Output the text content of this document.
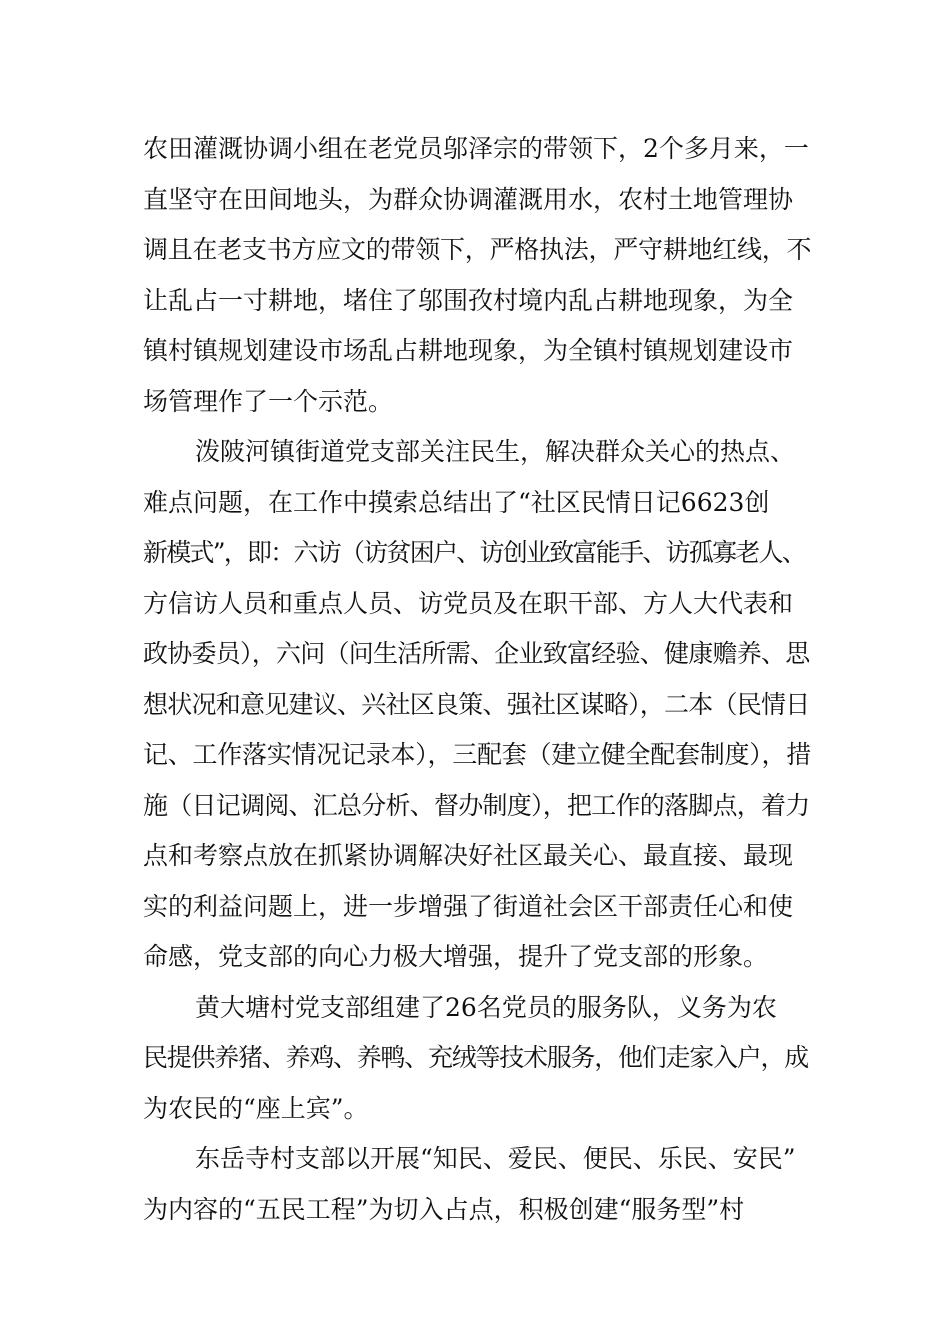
农田灌溉协调小组在老党员邬泽宗的带领下，2个多月来，一
直坚守在田间地头，为群众协调灌溉用水，农村土地管理协
调且在老支书方应文的带领下，严格执法，严守耕地红线，不
让乱占一寸耕地，堵住了邬围孜村境内乱占耕地现象，为全
镇村镇规划建设市场乱占耕地现象，为全镇村镇规划建设市
场管理作了一个示范。
泼陂河镇街道党支部关注民生，解决群众关心的热点、
难点问题，在工作中摸索总结出了“社区民情日记6623创
新模式”，即：六访（访贫困户、访创业致富能手、访孤寡老人、
方信访人员和重点人员、访党员及在职干部、方人大代表和
政协委员），六问（问生活所需、企业致富经验、健康赡养、思
想状况和意见建议、兴社区良策、强社区谋略），二本（民情日
记、工作落实情况记录本），三配套（建立健全配套制度），措
施（日记调阅、汇总分析、督办制度），把工作的落脚点，着力
点和考察点放在抓紧协调解决好社区最关心、最直接、最现
实的利益问题上，进一步增强了街道社会区干部责任心和使
命感，党支部的向心力极大增强，提升了党支部的形象。
黄大塘村党支部组建了26名党员的服务队，义务为农
民提供养猪、养鸡、养鸭、充绒等技术服务，他们走家入户，成
为农民的“座上宾”。
东岳寺村支部以开展“知民、爱民、便民、乐民、安民”
为内容的“五民工程”为切入占点，积极创建“服务型”村
